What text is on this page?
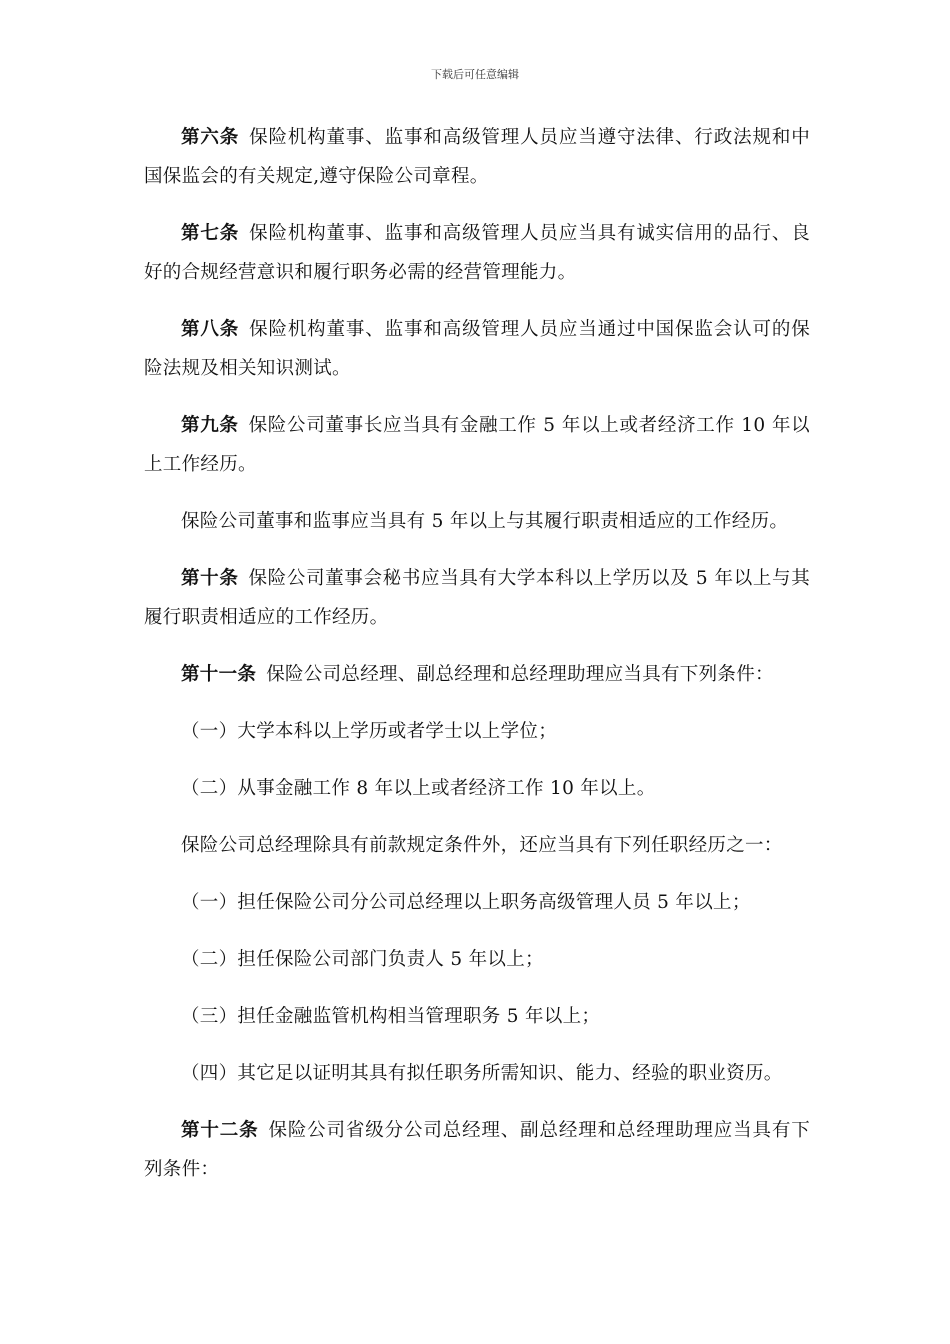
下载后可任意编辑

第六条 保险机构董事、监事和高级管理人员应当遵守法律、行政法规和中国保监会的有关规定,遵守保险公司章程。

第七条 保险机构董事、监事和高级管理人员应当具有诚实信用的品行、良好的合规经营意识和履行职务必需的经营管理能力。

第八条 保险机构董事、监事和高级管理人员应当通过中国保监会认可的保险法规及相关知识测试。

第九条 保险公司董事长应当具有金融工作 5 年以上或者经济工作 10 年以上工作经历。

保险公司董事和监事应当具有 5 年以上与其履行职责相适应的工作经历。

第十条 保险公司董事会秘书应当具有大学本科以上学历以及 5 年以上与其履行职责相适应的工作经历。

第十一条 保险公司总经理、副总经理和总经理助理应当具有下列条件：

（一）大学本科以上学历或者学士以上学位；

（二）从事金融工作 8 年以上或者经济工作 10 年以上。

保险公司总经理除具有前款规定条件外，还应当具有下列任职经历之一：

（一）担任保险公司分公司总经理以上职务高级管理人员 5 年以上；

（二）担任保险公司部门负责人 5 年以上；

（三）担任金融监管机构相当管理职务 5 年以上；

（四）其它足以证明其具有拟任职务所需知识、能力、经验的职业资历。

第十二条 保险公司省级分公司总经理、副总经理和总经理助理应当具有下列条件：
